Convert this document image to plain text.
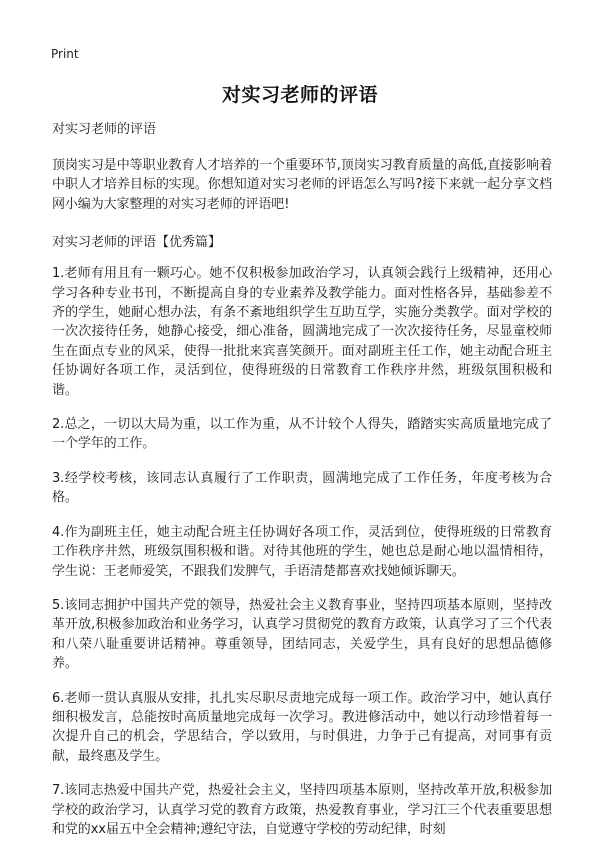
Print
对实习老师的评语

对实习老师的评语

顶岗实习是中等职业教育人才培养的一个重要环节,顶岗实习教育质量的高低,直接影响着中职人才培养目标的实现。你想知道对实习老师的评语怎么写吗?接下来就一起分享文档网小编为大家整理的对实习老师的评语吧!

对实习老师的评语【优秀篇】

1.老师有用且有一颗巧心。她不仅积极参加政治学习，认真领会践行上级精神，还用心学习各种专业书刊，不断提高自身的专业素养及教学能力。面对性格各异，基础参差不齐的学生，她耐心想办法，有条不紊地组织学生互助互学，实施分类教学。面对学校的一次次接待任务，她静心接受，细心准备，圆满地完成了一次次接待任务，尽显童校师生在面点专业的风采，使得一批批来宾喜笑颜开。面对副班主任工作，她主动配合班主任协调好各项工作，灵活到位，使得班级的日常教育工作秩序井然，班级氛围积极和谐。

2.总之，一切以大局为重，以工作为重，从不计较个人得失，踏踏实实高质量地完成了一个学年的工作。

3.经学校考核，该同志认真履行了工作职责，圆满地完成了工作任务，年度考核为合格。

4.作为副班主任，她主动配合班主任协调好各项工作，灵活到位，使得班级的日常教育工作秩序井然，班级氛围积极和谐。对待其他班的学生，她也总是耐心地以温情相待，学生说：王老师爱笑，不跟我们发脾气，手语清楚都喜欢找她倾诉聊天。

5.该同志拥护中国共产党的领导，热爱社会主义教育事业，坚持四项基本原则，坚持改革开放,积极参加政治和业务学习，认真学习贯彻党的教育方政策，认真学习了三个代表和八荣八耻重要讲话精神。尊重领导，团结同志，关爱学生，具有良好的思想品德修养。

6.老师一贯认真服从安排，扎扎实尽职尽责地完成每一项工作。政治学习中，她认真仔细积极发言，总能按时高质量地完成每一次学习。教进修活动中，她以行动珍惜着每一次提升自己的机会，学思结合，学以致用，与时俱进，力争于己有提高，对同事有贡献，最终惠及学生。

7.该同志热爱中国共产党，热爱社会主义，坚持四项基本原则，坚持改革开放,积极参加学校的政治学习，认真学习党的教育方政策，热爱教育事业，学习江三个代表重要思想和党的xx届五中全会精神;遵纪守法，自觉遵守学校的劳动纪律，时刻
